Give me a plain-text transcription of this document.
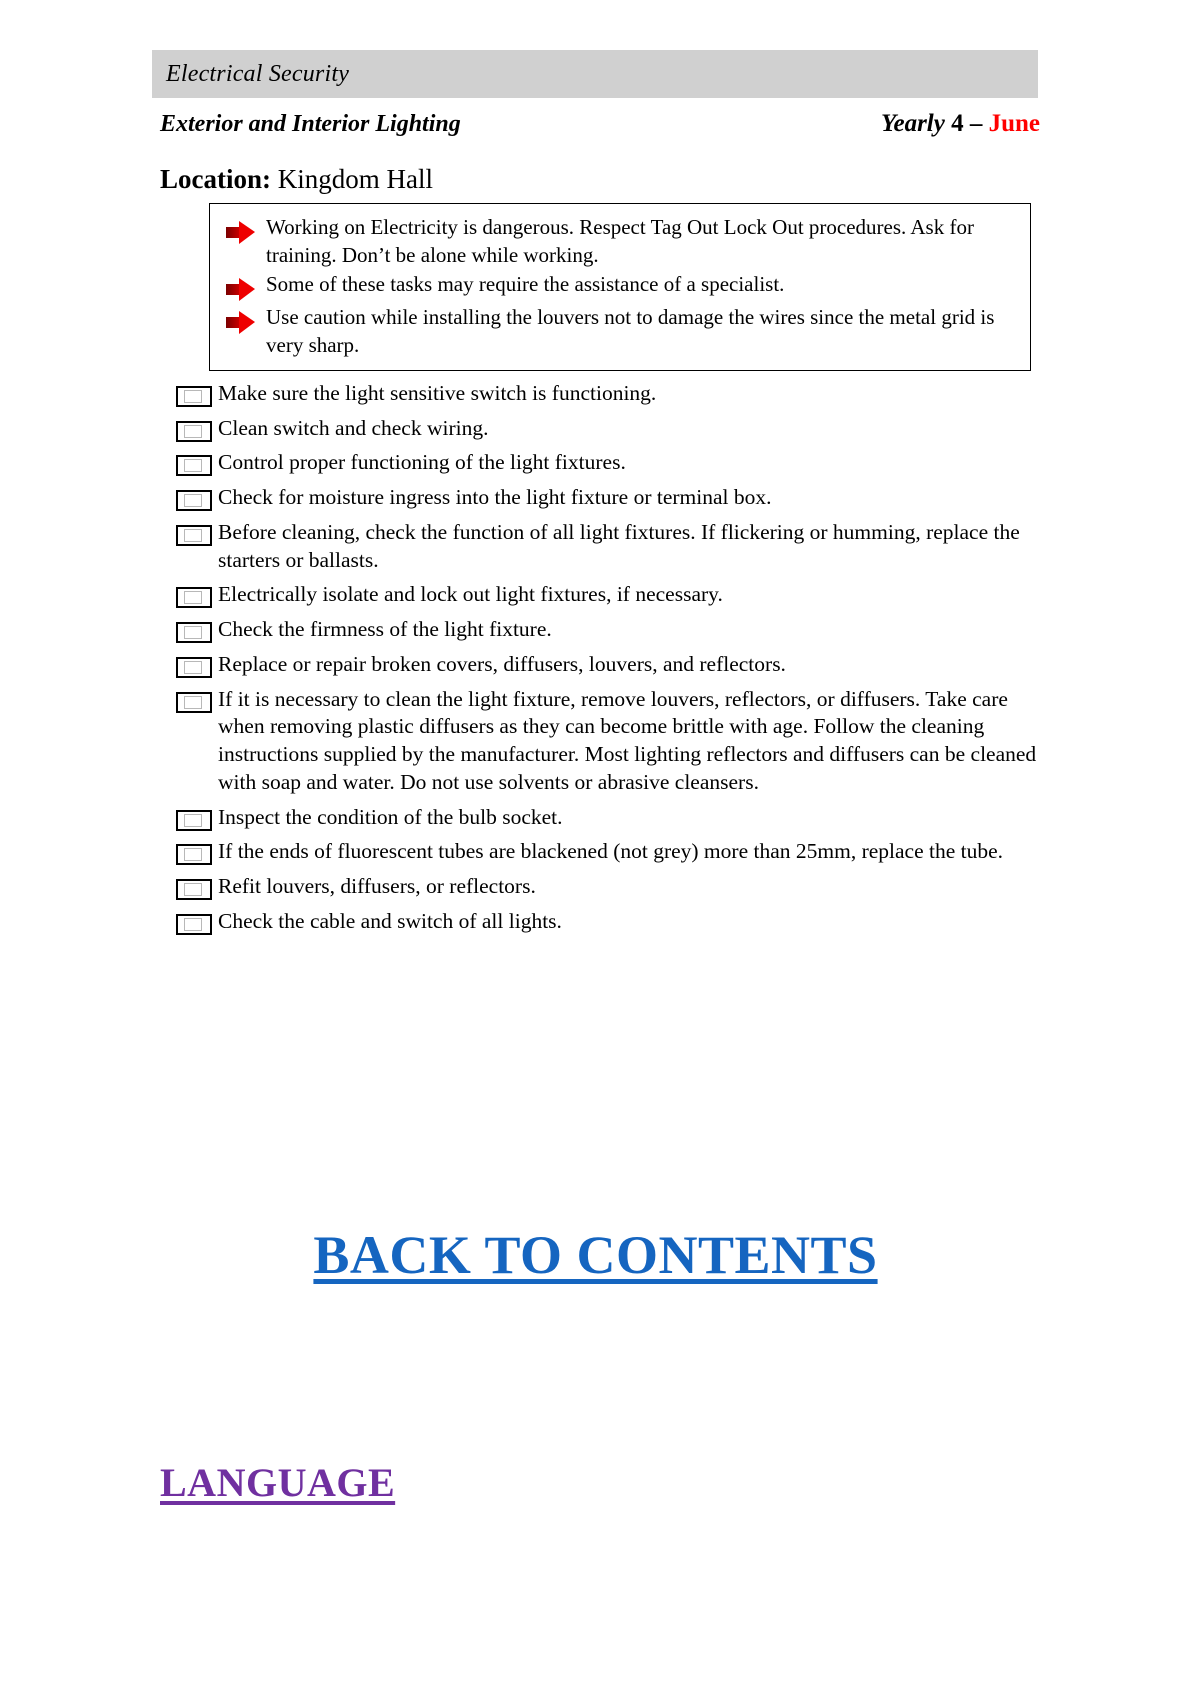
Electrical Security
Exterior and Interior Lighting	Yearly 4 – June
Location: Kingdom Hall
Working on Electricity is dangerous. Respect Tag Out Lock Out procedures. Ask for training. Don’t be alone while working.
Some of these tasks may require the assistance of a specialist.
Use caution while installing the louvers not to damage the wires since the metal grid is very sharp.
Make sure the light sensitive switch is functioning.
Clean switch and check wiring.
Control proper functioning of the light fixtures.
Check for moisture ingress into the light fixture or terminal box.
Before cleaning, check the function of all light fixtures. If flickering or humming, replace the starters or ballasts.
Electrically isolate and lock out light fixtures, if necessary.
Check the firmness of the light fixture.
Replace or repair broken covers, diffusers, louvers, and reflectors.
If it is necessary to clean the light fixture, remove louvers, reflectors, or diffusers. Take care when removing plastic diffusers as they can become brittle with age. Follow the cleaning instructions supplied by the manufacturer. Most lighting reflectors and diffusers can be cleaned with soap and water. Do not use solvents or abrasive cleansers.
Inspect the condition of the bulb socket.
If the ends of fluorescent tubes are blackened (not grey) more than 25mm, replace the tube.
Refit louvers, diffusers, or reflectors.
Check the cable and switch of all lights.
BACK TO CONTENTS
LANGUAGE
